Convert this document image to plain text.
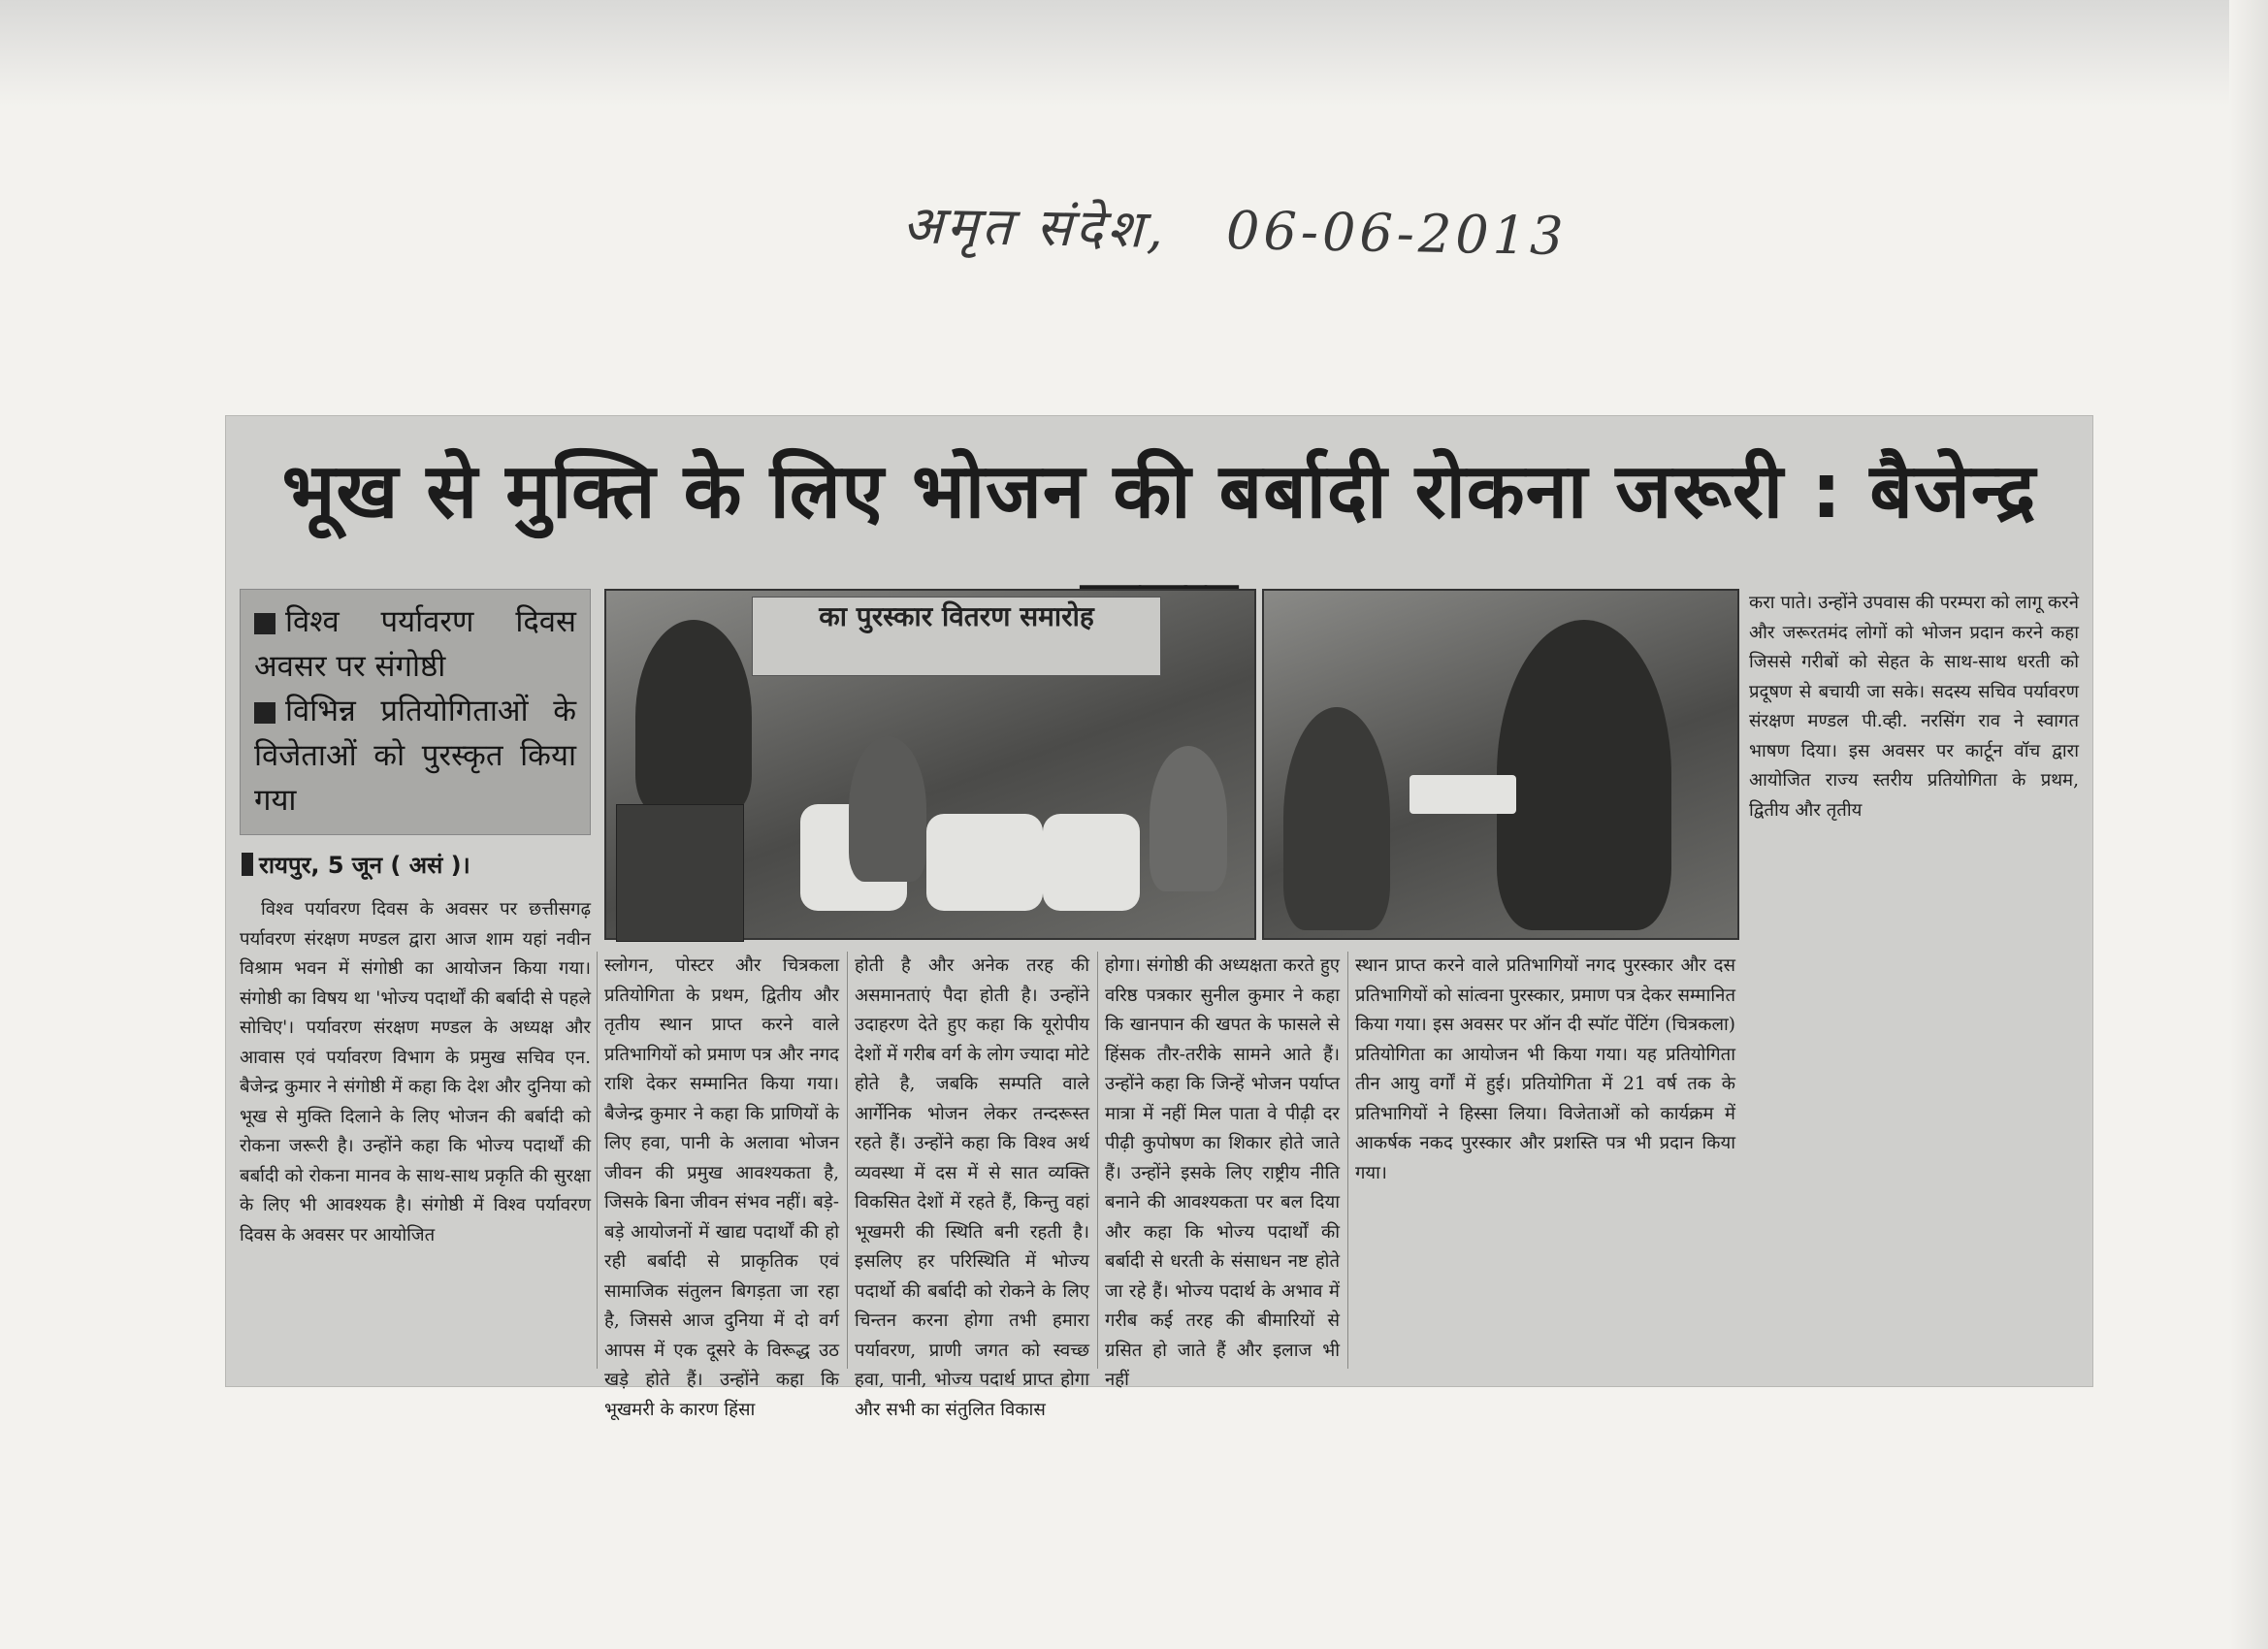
अमृत संदेश, 06-06-2013
भूख से मुक्ति के लिए भोजन की बर्बादी रोकना जरूरी : बैजेन्द्र
विश्व पर्यावरण दिवस अवसर पर संगोष्ठी
विभिन्न प्रतियोगिताओं के विजेताओं को पुरस्कृत किया गया
रायपुर, 5 जून ( असं )।
का पुरस्कार वितरण समारोह	करा पाते। उन्होंने उपवास की परम्परा को लागू करने और जरूरतमंद लोगों को भोजन प्रदान करने कहा जिससे गरीबों को सेहत के साथ-साथ धरती को प्रदूषण से बचायी जा सके। सदस्य सचिव पर्यावरण संरक्षण मण्डल पी.व्ही. नरसिंग राव ने स्वागत भाषण दिया। इस अवसर पर कार्टून वॉच द्वारा आयोजित राज्य स्तरीय प्रतियोगिता के प्रथम, द्वितीय और तृतीय
विश्व पर्यावरण दिवस के अवसर पर छत्तीसगढ़ पर्यावरण संरक्षण मण्डल द्वारा आज शाम यहां नवीन विश्राम भवन में संगोष्ठी का आयोजन किया गया। संगोष्ठी का विषय था 'भोज्य पदार्थों की बर्बादी से पहले सोचिए'। पर्यावरण संरक्षण मण्डल के अध्यक्ष और आवास एवं पर्यावरण विभाग के प्रमुख सचिव एन. बैजेन्द्र कुमार ने संगोष्ठी में कहा कि देश और दुनिया को भूख से मुक्ति दिलाने के लिए भोजन की बर्बादी को रोकना जरूरी है। उन्होंने कहा कि भोज्य पदार्थों की बर्बादी को रोकना मानव के साथ-साथ प्रकृति की सुरक्षा के लिए भी आवश्यक है। संगोष्ठी में विश्व पर्यावरण दिवस के अवसर पर आयोजित
स्लोगन, पोस्टर और चित्रकला प्रतियोगिता के प्रथम, द्वितीय और तृतीय स्थान प्राप्त करने वाले प्रतिभागियों को प्रमाण पत्र और नगद राशि देकर सम्मानित किया गया। बैजेन्द्र कुमार ने कहा कि प्राणियों के लिए हवा, पानी के अलावा भोजन जीवन की प्रमुख आवश्यकता है, जिसके बिना जीवन संभव नहीं। बड़े-बड़े आयोजनों में खाद्य पदार्थों की हो रही बर्बादी से प्राकृतिक एवं सामाजिक संतुलन बिगड़ता जा रहा है, जिससे आज दुनिया में दो वर्ग आपस में एक दूसरे के विरूद्ध उठ खड़े होते हैं। उन्होंने कहा कि भूखमरी के कारण हिंसा
होती है और अनेक तरह की असमानताएं पैदा होती है। उन्होंने उदाहरण देते हुए कहा कि यूरोपीय देशों में गरीब वर्ग के लोग ज्यादा मोटे होते है, जबकि सम्पति वाले आर्गेनिक भोजन लेकर तन्दरूस्त रहते हैं। उन्होंने कहा कि विश्व अर्थ व्यवस्था में दस में से सात व्यक्ति विकसित देशों में रहते हैं, किन्तु वहां भूखमरी की स्थिति बनी रहती है। इसलिए हर परिस्थिति में भोज्य पदार्थो की बर्बादी को रोकने के लिए चिन्तन करना होगा तभी हमारा पर्यावरण, प्राणी जगत को स्वच्छ हवा, पानी, भोज्य पदार्थ प्राप्त होगा और सभी का संतुलित विकास
होगा। संगोष्ठी की अध्यक्षता करते हुए वरिष्ठ पत्रकार सुनील कुमार ने कहा कि खानपान की खपत के फासले से हिंसक तौर-तरीके सामने आते हैं। उन्होंने कहा कि जिन्हें भोजन पर्याप्त मात्रा में नहीं मिल पाता वे पीढ़ी दर पीढ़ी कुपोषण का शिकार होते जाते हैं। उन्होंने इसके लिए राष्ट्रीय नीति बनाने की आवश्यकता पर बल दिया और कहा कि भोज्य पदार्थों की बर्बादी से धरती के संसाधन नष्ट होते जा रहे हैं। भोज्य पदार्थ के अभाव में गरीब कई तरह की बीमारियों से ग्रसित हो जाते हैं और इलाज भी नहीं
स्थान प्राप्त करने वाले प्रतिभागियों नगद पुरस्कार और दस प्रतिभागियों को सांत्वना पुरस्कार, प्रमाण पत्र देकर सम्मानित किया गया। इस अवसर पर ऑन दी स्पॉट पेंटिंग (चित्रकला) प्रतियोगिता का आयोजन भी किया गया। यह प्रतियोगिता तीन आयु वर्गों में हुई। प्रतियोगिता में 21 वर्ष तक के प्रतिभागियों ने हिस्सा लिया। विजेताओं को कार्यक्रम में आकर्षक नकद पुरस्कार और प्रशस्ति पत्र भी प्रदान किया गया।
